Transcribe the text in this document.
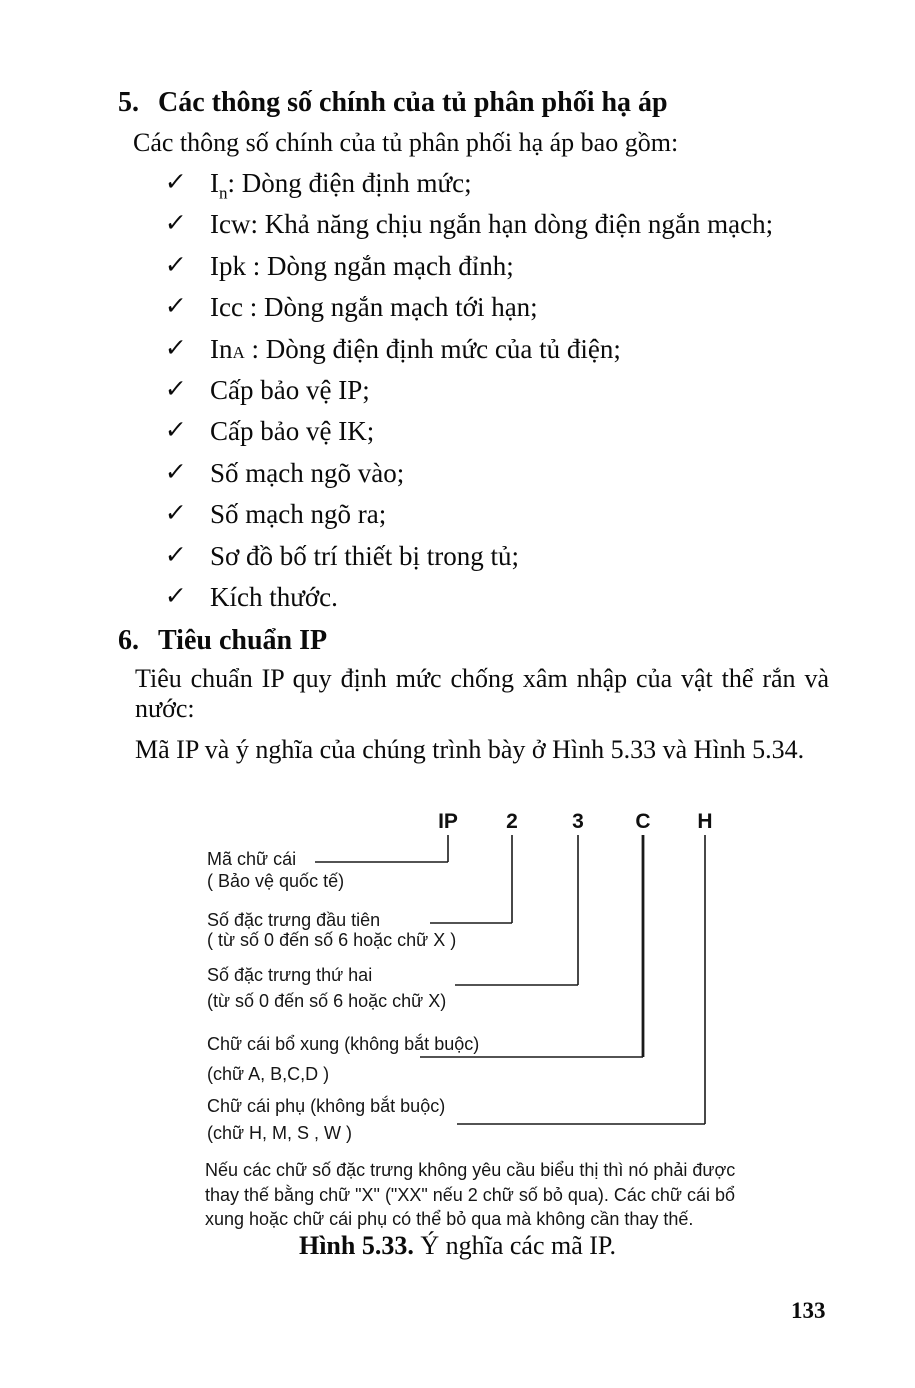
5. Các thông số chính của tủ phân phối hạ áp
Các thông số chính của tủ phân phối hạ áp bao gồm:
✓ $I_n$: Dòng điện định mức;
✓ Icw: Khả năng chịu ngắn hạn dòng điện ngắn mạch;
✓ Ipk : Dòng ngắn mạch đỉnh;
✓ Icc : Dòng ngắn mạch tới hạn;
✓ InA : Dòng điện định mức của tủ điện;
✓ Cấp bảo vệ IP;
✓ Cấp bảo vệ IK;
✓ Số mạch ngõ vào;
✓ Số mạch ngõ ra;
✓ Sơ đồ bố trí thiết bị trong tủ;
✓ Kích thước.
6. Tiêu chuẩn IP
Tiêu chuẩn IP quy định mức chống xâm nhập của vật thể rắn và
nước:
Mã IP và ý nghĩa của chúng trình bày ở Hình 5.33 và Hình 5.34.
IP 2	3 C H
Mã chữ cái
( Bảo vệ quốc tế)
Số đặc trưng đầu tiên
( từ số 0 đến số 6 hoặc chữ X )
Số đặc trưng thứ hai
(từ số 0 đến số 6 hoặc chữ X)
Chữ cái bổ xung (không bắt buộc)
(chữ A, B,C,D )
Chữ cái phụ (không bắt buộc)
(chữ H, M, S , W )
Nếu các chữ số đặc trưng không yêu cầu biểu thị thì nó phải được
thay thế bằng chữ "X" ("XX" nếu 2 chữ số bỏ qua). Các chữ cái bổ
xung hoặc chữ cái phụ có thể bỏ qua mà không cần thay thế.
Hình 5.33. Ý nghĩa các mã IP.
133
